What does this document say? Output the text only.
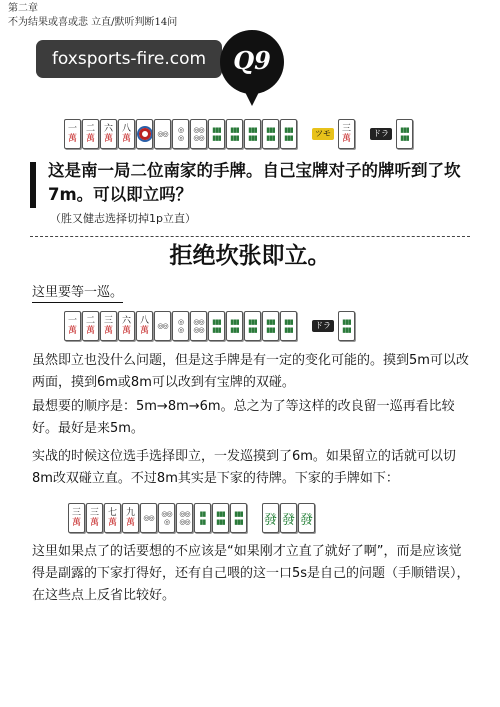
第二章
不为结果或喜或悲 立直/默听判断14问
foxsports-fire.com	Q9
一
萬
二
萬
六
萬
八
萬	◎◎ ◎
◎
◎◎
◎◎
▮▮▮
▮▮▮
▮▮▮
▮▮▮
▮▮▮
▮▮▮
▮▮▮
▮▮▮
▮▮▮
▮▮▮	ツモ	三
萬
ドラ	▮▮▮
▮▮▮
这是南一局二位南家的手牌。自己宝牌对子的牌听到了坎7m。可以即立吗？
（胜又健志选择切掉1p立直）
拒绝坎张即立。
这里要等一巡。
一
萬
二
萬
三
萬
六
萬
八
萬 ◎◎ ◎
◎
◎◎
◎◎
▮▮▮
▮▮▮
▮▮▮
▮▮▮
▮▮▮
▮▮▮
▮▮▮
▮▮▮
▮▮▮
▮▮▮	ドラ	▮▮▮
▮▮▮
虽然即立也没什么问题，但是这手牌是有一定的变化可能的。摸到5m可以改两面，摸到6m或8m可以改到有宝牌的双碰。
最想要的顺序是：5m→8m→6m。总之为了等这样的改良留一巡再看比较好。最好是来5m。
实战的时候这位选手选择即立，一发巡摸到了6m。如果留立的话就可以切8m改双碰立直。不过8m其实是下家的待牌。下家的手牌如下：
三
萬
三
萬
七
萬
九
萬 ◎◎ ◎◎
◎
◎◎
◎◎
▮▮
▮▮
▮▮▮
▮▮▮
▮▮▮
▮▮▮ 發 發 發
这里如果点了的话要想的不应该是“如果刚才立直了就好了啊”，而是应该觉得是副露的下家打得好，还有自己喂的这一口5s是自己的问题（手顺错误），在这些点上反省比较好。
